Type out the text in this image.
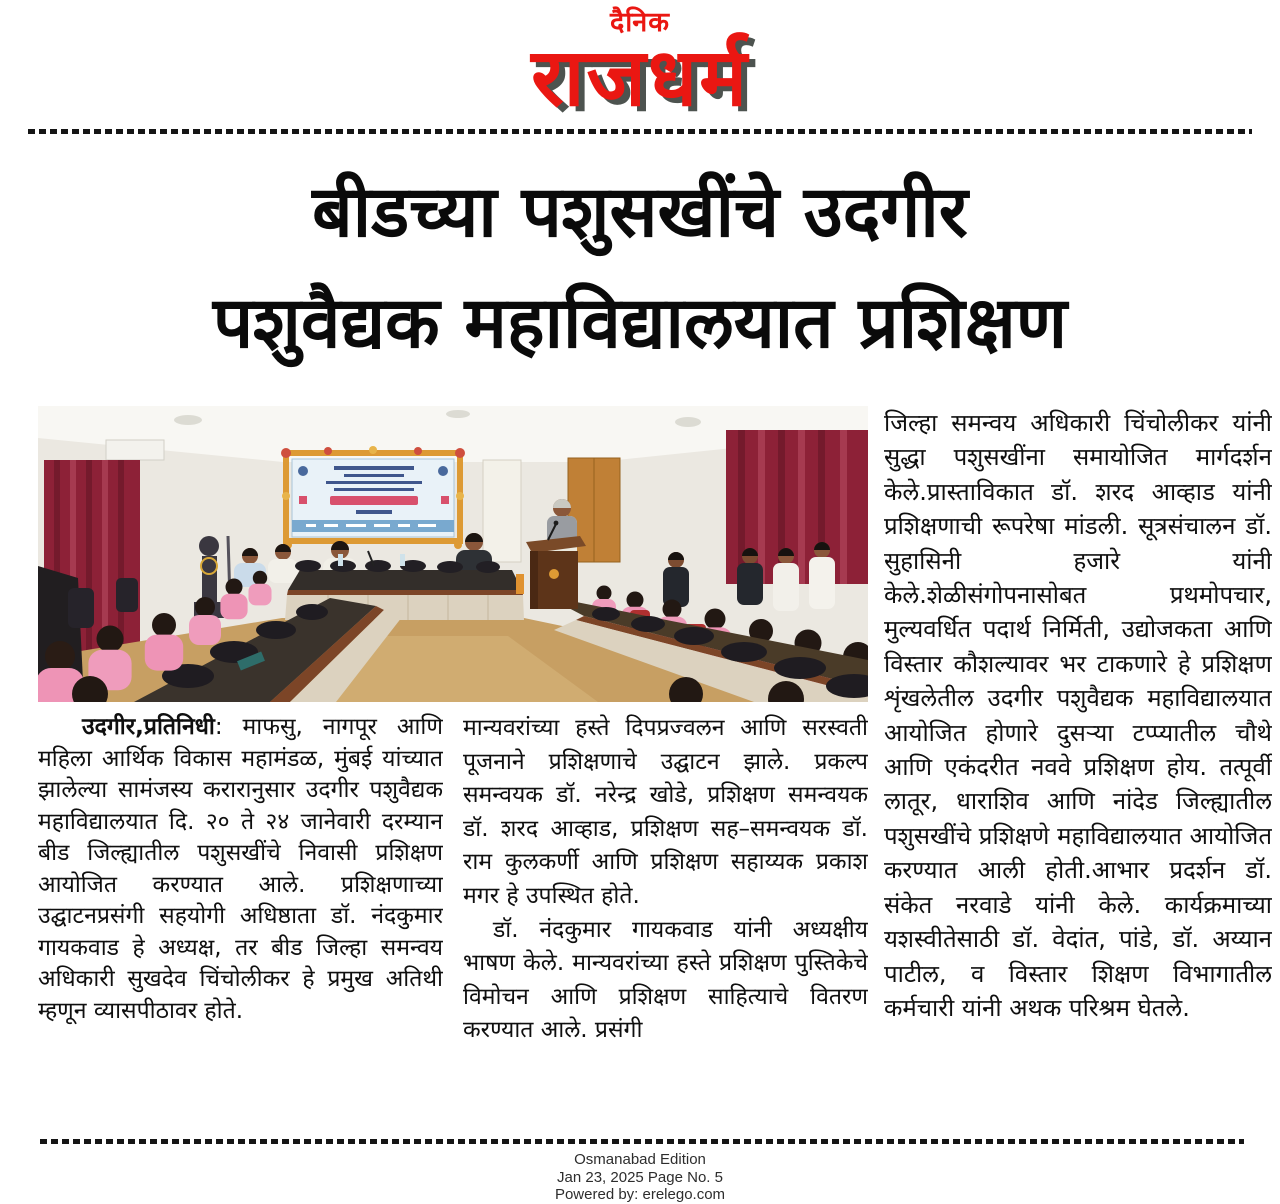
दैनिक
राजधर्म
बीडच्या पशुसखींचे उदगीर
पशुवैद्यक महाविद्यालयात प्रशिक्षण

उदगीर,प्रतिनिधी: माफसु, नागपूर आणि महिला आर्थिक विकास महामंडळ, मुंबई यांच्यात झालेल्या सामंजस्य करारानुसार उदगीर पशुवैद्यक महाविद्यालयात दि. २० ते २४ जानेवारी दरम्यान बीड जिल्ह्यातील पशुसखींचे निवासी प्रशिक्षण आयोजित करण्यात आले. प्रशिक्षणाच्या उद्घाटनप्रसंगी सहयोगी अधिष्ठाता डॉ. नंदकुमार गायकवाड हे अध्यक्ष, तर बीड जिल्हा समन्वय अधिकारी सुखदेव चिंचोलीकर हे प्रमुख अतिथी म्हणून व्यासपीठावर होते.

मान्यवरांच्या हस्ते दिपप्रज्वलन आणि सरस्वती पूजनाने प्रशिक्षणाचे उद्घाटन झाले. प्रकल्प समन्वयक डॉ. नरेन्द्र खोडे, प्रशिक्षण समन्वयक डॉ. शरद आव्हाड, प्रशिक्षण सह–समन्वयक डॉ. राम कुलकर्णी आणि प्रशिक्षण सहाय्यक प्रकाश मगर हे उपस्थित होते.

डॉ. नंदकुमार गायकवाड यांनी अध्यक्षीय भाषण केले. मान्यवरांच्या हस्ते प्रशिक्षण पुस्तिकेचे विमोचन आणि प्रशिक्षण साहित्याचे वितरण करण्यात आले. प्रसंगी

जिल्हा समन्वय अधिकारी चिंचोलीकर यांनी सुद्धा पशुसखींना समायोजित मार्गदर्शन केले.प्रास्ताविकात डॉ. शरद आव्हाड यांनी प्रशिक्षणाची रूपरेषा मांडली. सूत्रसंचालन डॉ. सुहासिनी हजारे यांनी केले.शेळीसंगोपनासोबत प्रथमोपचार, मुल्यवर्धित पदार्थ निर्मिती, उद्योजकता आणि विस्तार कौशल्यावर भर टाकणारे हे प्रशिक्षण शृंखलेतील उदगीर पशुवैद्यक महाविद्यालयात आयोजित होणारे दुसऱ्या टप्प्यातील चौथे आणि एकंदरीत नववे प्रशिक्षण होय. तत्पूर्वी लातूर, धाराशिव आणि नांदेड जिल्ह्यातील पशुसखींचे प्रशिक्षणे महाविद्यालयात आयोजित करण्यात आली होती.आभार प्रदर्शन डॉ. संकेत नरवाडे यांनी केले. कार्यक्रमाच्या यशस्वीतेसाठी डॉ. वेदांत, पांडे, डॉ. अय्यान पाटील, व विस्तार शिक्षण विभागातील कर्मचारी यांनी अथक परिश्रम घेतले.

Osmanabad Edition
Jan 23, 2025 Page No. 5
Powered by: erelego.com
